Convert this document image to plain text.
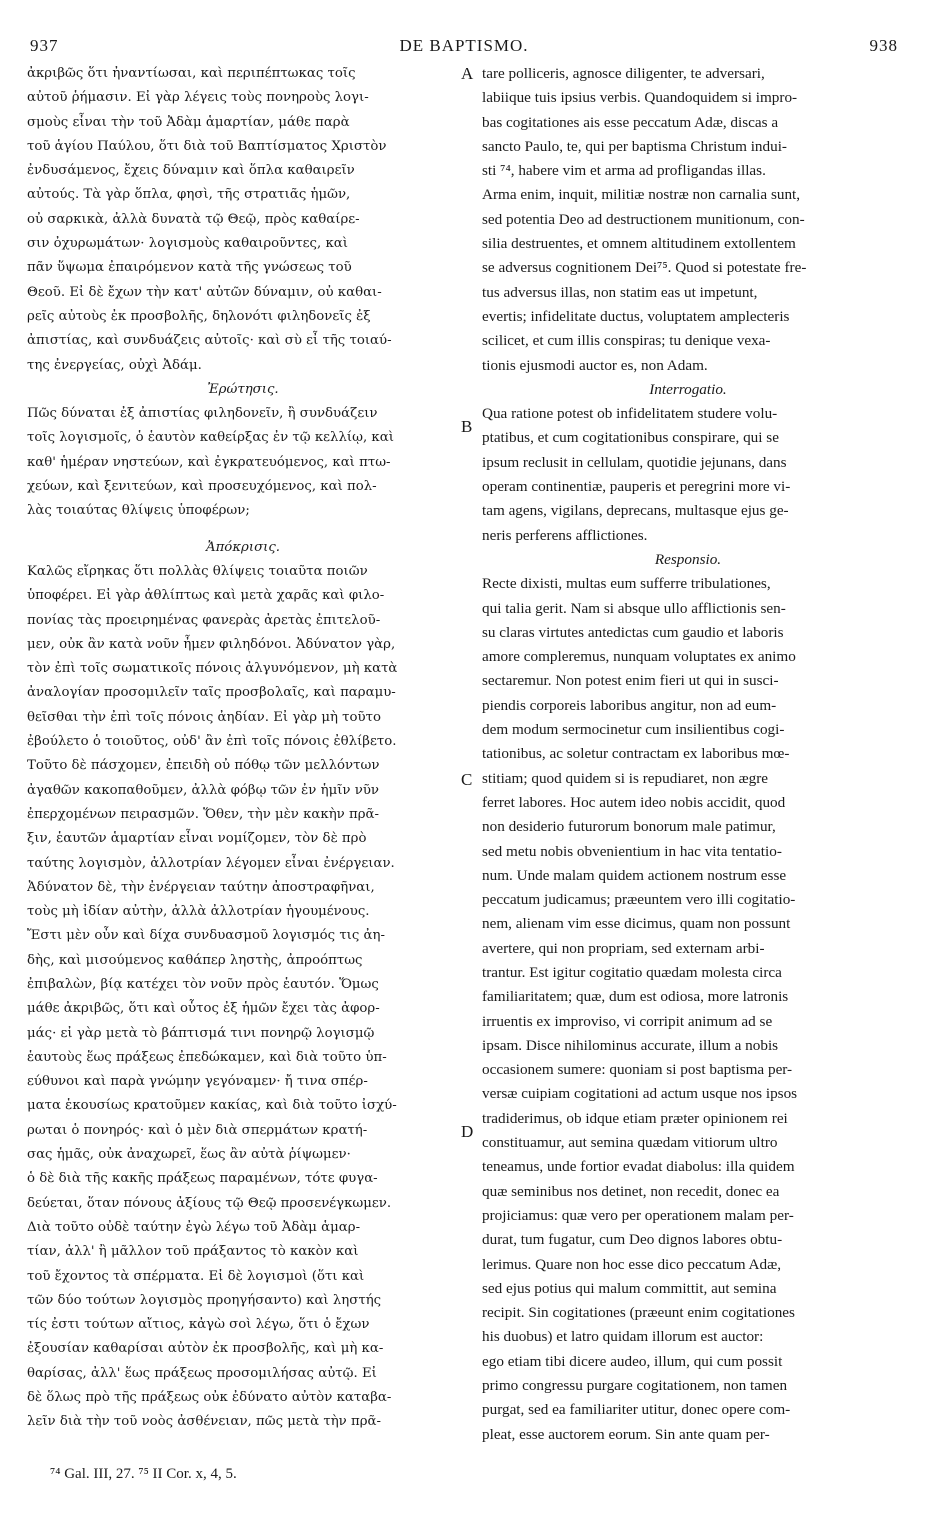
937	DE BAPTISMO.	938
ἀκριβῶς ὅτι ἠναντίωσαι, καὶ περιπέπτωκας τοῖς
αὐτοῦ ῥήμασιν. Εἰ γὰρ λέγεις τοὺς πονηροὺς λογι-
σμοὺς εἶναι τὴν τοῦ Ἀδὰμ ἁμαρτίαν, μάθε παρὰ
τοῦ ἁγίου Παύλου, ὅτι διὰ τοῦ Βαπτίσματος Χριστὸν
ἐνδυσάμενος, ἔχεις δύναμιν καὶ ὅπλα καθαιρεῖν
αὐτούς. Τὰ γὰρ ὅπλα, φησὶ, τῆς στρατιᾶς ἡμῶν,
οὐ σαρκικὰ, ἀλλὰ δυνατὰ τῷ Θεῷ, πρὸς καθαίρε-
σιν ὀχυρωμάτων· λογισμοὺς καθαιροῦντες, καὶ
πᾶν ὕψωμα ἐπαιρόμενον κατὰ τῆς γνώσεως τοῦ
Θεοῦ. Εἰ δὲ ἔχων τὴν κατ' αὐτῶν δύναμιν, οὐ καθαι-
ρεῖς αὐτοὺς ἐκ προσβολῆς, δηλονότι φιληδονεῖς ἐξ
ἀπιστίας, καὶ συνδυάζεις αὐτοῖς· καὶ σὺ εἶ τῆς τοιαύ-
της ἐνεργείας, οὐχὶ Ἀδάμ.
Ἐρώτησις.
Πῶς δύναται ἐξ ἀπιστίας φιληδονεῖν, ἢ συνδυάζειν
τοῖς λογισμοῖς, ὁ ἑαυτὸν καθείρξας ἐν τῷ κελλίῳ, καὶ
καθ' ἡμέραν νηστεύων, καὶ ἐγκρατευόμενος, καὶ πτω-
χεύων, καὶ ξενιτεύων, καὶ προσευχόμενος, καὶ πολ-
λὰς τοιαύτας θλίψεις ὑποφέρων;
Ἀπόκρισις.
Καλῶς εἴρηκας ὅτι πολλὰς θλίψεις τοιαῦτα ποιῶν
ὑποφέρει. Εἰ γὰρ ἀθλίπτως καὶ μετὰ χαρᾶς καὶ φιλο-
πονίας τὰς προειρημένας φανερὰς ἀρετὰς ἐπιτελοῦ-
μεν, οὐκ ἂν κατὰ νοῦν ἦμεν φιληδόνοι. Ἀδύνατον γὰρ,
τὸν ἐπὶ τοῖς σωματικοῖς πόνοις ἀλγυνόμενον, μὴ κατὰ
ἀναλογίαν προσομιλεῖν ταῖς προσβολαῖς, καὶ παραμυ-
θεῖσθαι τὴν ἐπὶ τοῖς πόνοις ἀηδίαν. Εἰ γὰρ μὴ τοῦτο
ἐβούλετο ὁ τοιοῦτος, οὐδ' ἂν ἐπὶ τοῖς πόνοις ἐθλίβετο.
Τοῦτο δὲ πάσχομεν, ἐπειδὴ οὐ πόθῳ τῶν μελλόντων
ἀγαθῶν κακοπαθοῦμεν, ἀλλὰ φόβῳ τῶν ἐν ἡμῖν νῦν
ἐπερχομένων πειρασμῶν. Ὅθεν, τὴν μὲν κακὴν πρᾶ-
ξιν, ἑαυτῶν ἁμαρτίαν εἶναι νομίζομεν, τὸν δὲ πρὸ
ταύτης λογισμὸν, ἀλλοτρίαν λέγομεν εἶναι ἐνέργειαν.
Ἀδύνατον δὲ, τὴν ἐνέργειαν ταύτην ἀποστραφῆναι,
τοὺς μὴ ἰδίαν αὐτὴν, ἀλλὰ ἀλλοτρίαν ἡγουμένους.
Ἔστι μὲν οὖν καὶ δίχα συνδυασμοῦ λογισμός τις ἀη-
δὴς, καὶ μισούμενος καθάπερ ληστὴς, ἀπροόπτως
ἐπιβαλὼν, βίᾳ κατέχει τὸν νοῦν πρὸς ἑαυτόν. Ὅμως
μάθε ἀκριβῶς, ὅτι καὶ οὗτος ἐξ ἡμῶν ἔχει τὰς ἀφορ-
μάς· εἰ γὰρ μετὰ τὸ βάπτισμά τινι πονηρῷ λογισμῷ
ἑαυτοὺς ἕως πράξεως ἐπεδώκαμεν, καὶ διὰ τοῦτο ὑπ-
εύθυνοι καὶ παρὰ γνώμην γεγόναμεν· ἤ τινα σπέρ-
ματα ἑκουσίως κρατοῦμεν κακίας, καὶ διὰ τοῦτο ἰσχύ-
ρωται ὁ πονηρός· καὶ ὁ μὲν διὰ σπερμάτων κρατή-
σας ἡμᾶς, οὐκ ἀναχωρεῖ, ἕως ἂν αὐτὰ ῥίψωμεν·
ὁ δὲ διὰ τῆς κακῆς πράξεως παραμένων, τότε φυγα-
δεύεται, ὅταν πόνους ἀξίους τῷ Θεῷ προσενέγκωμεν.
Διὰ τοῦτο οὐδὲ ταύτην ἐγὼ λέγω τοῦ Ἀδὰμ ἁμαρ-
τίαν, ἀλλ' ἢ μᾶλλον τοῦ πράξαντος τὸ κακὸν καὶ
τοῦ ἔχοντος τὰ σπέρματα. Εἰ δὲ λογισμοὶ (ὅτι καὶ
τῶν δύο τούτων λογισμὸς προηγήσαντο) καὶ ληστής
τίς ἐστι τούτων αἴτιος, κἀγὼ σοὶ λέγω, ὅτι ὁ ἔχων
ἐξουσίαν καθαρίσαι αὐτὸν ἐκ προσβολῆς, καὶ μὴ κα-
θαρίσας, ἀλλ' ἕως πράξεως προσομιλήσας αὐτῷ. Εἰ
δὲ ὅλως πρὸ τῆς πράξεως οὐκ ἐδύνατο αὐτὸν καταβα-
λεῖν διὰ τὴν τοῦ νοὸς ἀσθένειαν, πῶς μετὰ τὴν πρᾶ-
tare polliceris, agnosce diligenter, te adversari,
labiique tuis ipsius verbis. Quandoquidem si impro-
bas cogitationes ais esse peccatum Adæ, discas a
sancto Paulo, te, qui per baptisma Christum indui-
sti ⁷⁴, habere vim et arma ad profligandas illas.
Arma enim, inquit, militiæ nostræ non carnalia sunt,
sed potentia Deo ad destructionem munitionum, con-
silia destruentes, et omnem altitudinem extollentem
se adversus cognitionem Dei⁷⁵. Quod si potestate fre-
tus adversus illas, non statim eas ut impetunt,
evertis; infidelitate ductus, voluptatem amplecteris
scilicet, et cum illis conspiras; tu denique vexa-
tionis ejusmodi auctor es, non Adam.
Interrogatio.
Qua ratione potest ob infidelitatem studere volu-
ptatibus, et cum cogitationibus conspirare, qui se
ipsum reclusit in cellulam, quotidie jejunans, dans
operam continentiæ, pauperis et peregrini more vi-
tam agens, vigilans, deprecans, multasque ejus ge-
neris perferens afflictiones.
Responsio.
Recte dixisti, multas eum sufferre tribulationes,
qui talia gerit. Nam si absque ullo afflictionis sen-
su claras virtutes antedictas cum gaudio et laboris
amore compleremus, nunquam voluptates ex animo
sectaremur. Non potest enim fieri ut qui in susci-
piendis corporeis laboribus angitur, non ad eum-
dem modum sermocinetur cum insilientibus cogi-
tationibus, ac soletur contractam ex laboribus mœ-
stitiam; quod quidem si is repudiaret, non ægre
ferret labores. Hoc autem ideo nobis accidit, quod
non desiderio futurorum bonorum male patimur,
sed metu nobis obvenientium in hac vita tentatio-
num. Unde malam quidem actionem nostrum esse
peccatum judicamus; præeuntem vero illi cogitatio-
nem, alienam vim esse dicimus, quam non possunt
avertere, qui non propriam, sed externam arbi-
trantur. Est igitur cogitatio quædam molesta circa
familiaritatem; quæ, dum est odiosa, more latronis
irruentis ex improviso, vi corripit animum ad se
ipsam. Disce nihilominus accurate, illum a nobis
occasionem sumere: quoniam si post baptisma per-
versæ cuipiam cogitationi ad actum usque nos ipsos
tradiderimus, ob idque etiam præter opinionem rei
constituamur, aut semina quædam vitiorum ultro
teneamus, unde fortior evadat diabolus: illa quidem
quæ seminibus nos detinet, non recedit, donec ea
projiciamus: quæ vero per operationem malam per-
durat, tum fugatur, cum Deo dignos labores obtu-
lerimus. Quare non hoc esse dico peccatum Adæ,
sed ejus potius qui malum committit, aut semina
recipit. Sin cogitationes (præeunt enim cogitationes
his duobus) et latro quidam illorum est auctor:
ego etiam tibi dicere audeo, illum, qui cum possit
primo congressu purgare cogitationem, non tamen
purgat, sed ea familiariter utitur, donec opere com-
pleat, esse auctorem eorum. Sin ante quam per-
A
B
C
D
⁷⁴ Gal. III, 27. ⁷⁵ II Cor. x, 4, 5.
